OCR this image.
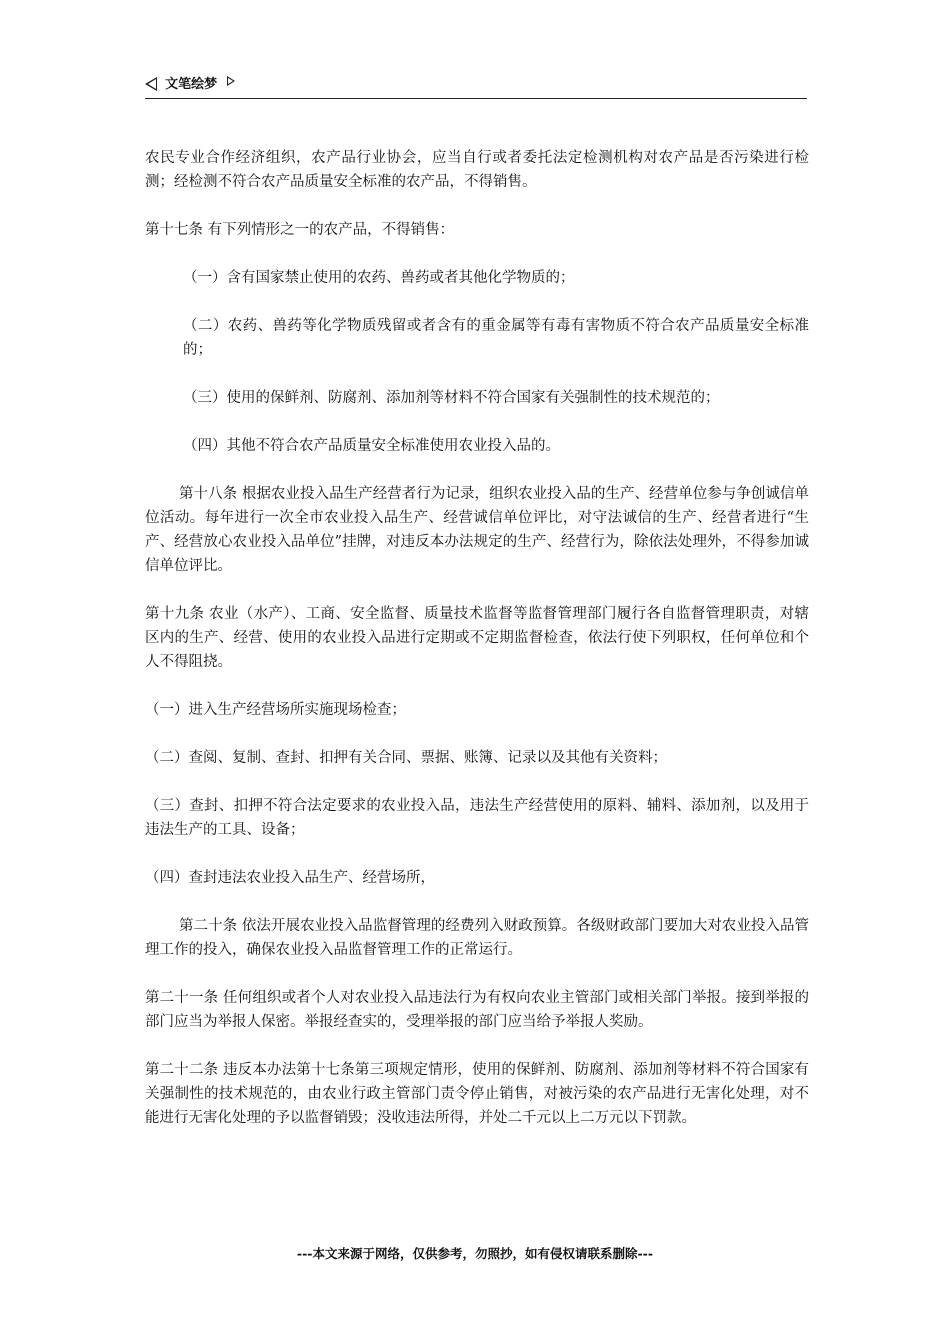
文笔绘梦

农民专业合作经济组织，农产品行业协会，应当自行或者委托法定检测机构对农产品是否污染进行检测；经检测不符合农产品质量安全标准的农产品，不得销售。

第十七条 有下列情形之一的农产品，不得销售：

（一）含有国家禁止使用的农药、兽药或者其他化学物质的；

（二）农药、兽药等化学物质残留或者含有的重金属等有毒有害物质不符合农产品质量安全标准的；

（三）使用的保鲜剂、防腐剂、添加剂等材料不符合国家有关强制性的技术规范的；

（四）其他不符合农产品质量安全标准使用农业投入品的。

第十八条 根据农业投入品生产经营者行为记录，组织农业投入品的生产、经营单位参与争创诚信单位活动。每年进行一次全市农业投入品生产、经营诚信单位评比，对守法诚信的生产、经营者进行“生产、经营放心农业投入品单位”挂牌，对违反本办法规定的生产、经营行为，除依法处理外，不得参加诚信单位评比。

第十九条 农业（水产）、工商、安全监督、质量技术监督等监督管理部门履行各自监督管理职责，对辖区内的生产、经营、使用的农业投入品进行定期或不定期监督检查，依法行使下列职权，任何单位和个人不得阻挠。

（一）进入生产经营场所实施现场检查；

（二）查阅、复制、查封、扣押有关合同、票据、账簿、记录以及其他有关资料；

（三）查封、扣押不符合法定要求的农业投入品，违法生产经营使用的原料、辅料、添加剂，以及用于违法生产的工具、设备；

（四）查封违法农业投入品生产、经营场所，

第二十条 依法开展农业投入品监督管理的经费列入财政预算。各级财政部门要加大对农业投入品管理工作的投入，确保农业投入品监督管理工作的正常运行。

第二十一条 任何组织或者个人对农业投入品违法行为有权向农业主管部门或相关部门举报。接到举报的部门应当为举报人保密。举报经查实的，受理举报的部门应当给予举报人奖励。

第二十二条 违反本办法第十七条第三项规定情形，使用的保鲜剂、防腐剂、添加剂等材料不符合国家有关强制性的技术规范的，由农业行政主管部门责令停止销售，对被污染的农产品进行无害化处理，对不能进行无害化处理的予以监督销毁；没收违法所得，并处二千元以上二万元以下罚款。

---本文来源于网络，仅供参考，勿照抄，如有侵权请联系删除---
